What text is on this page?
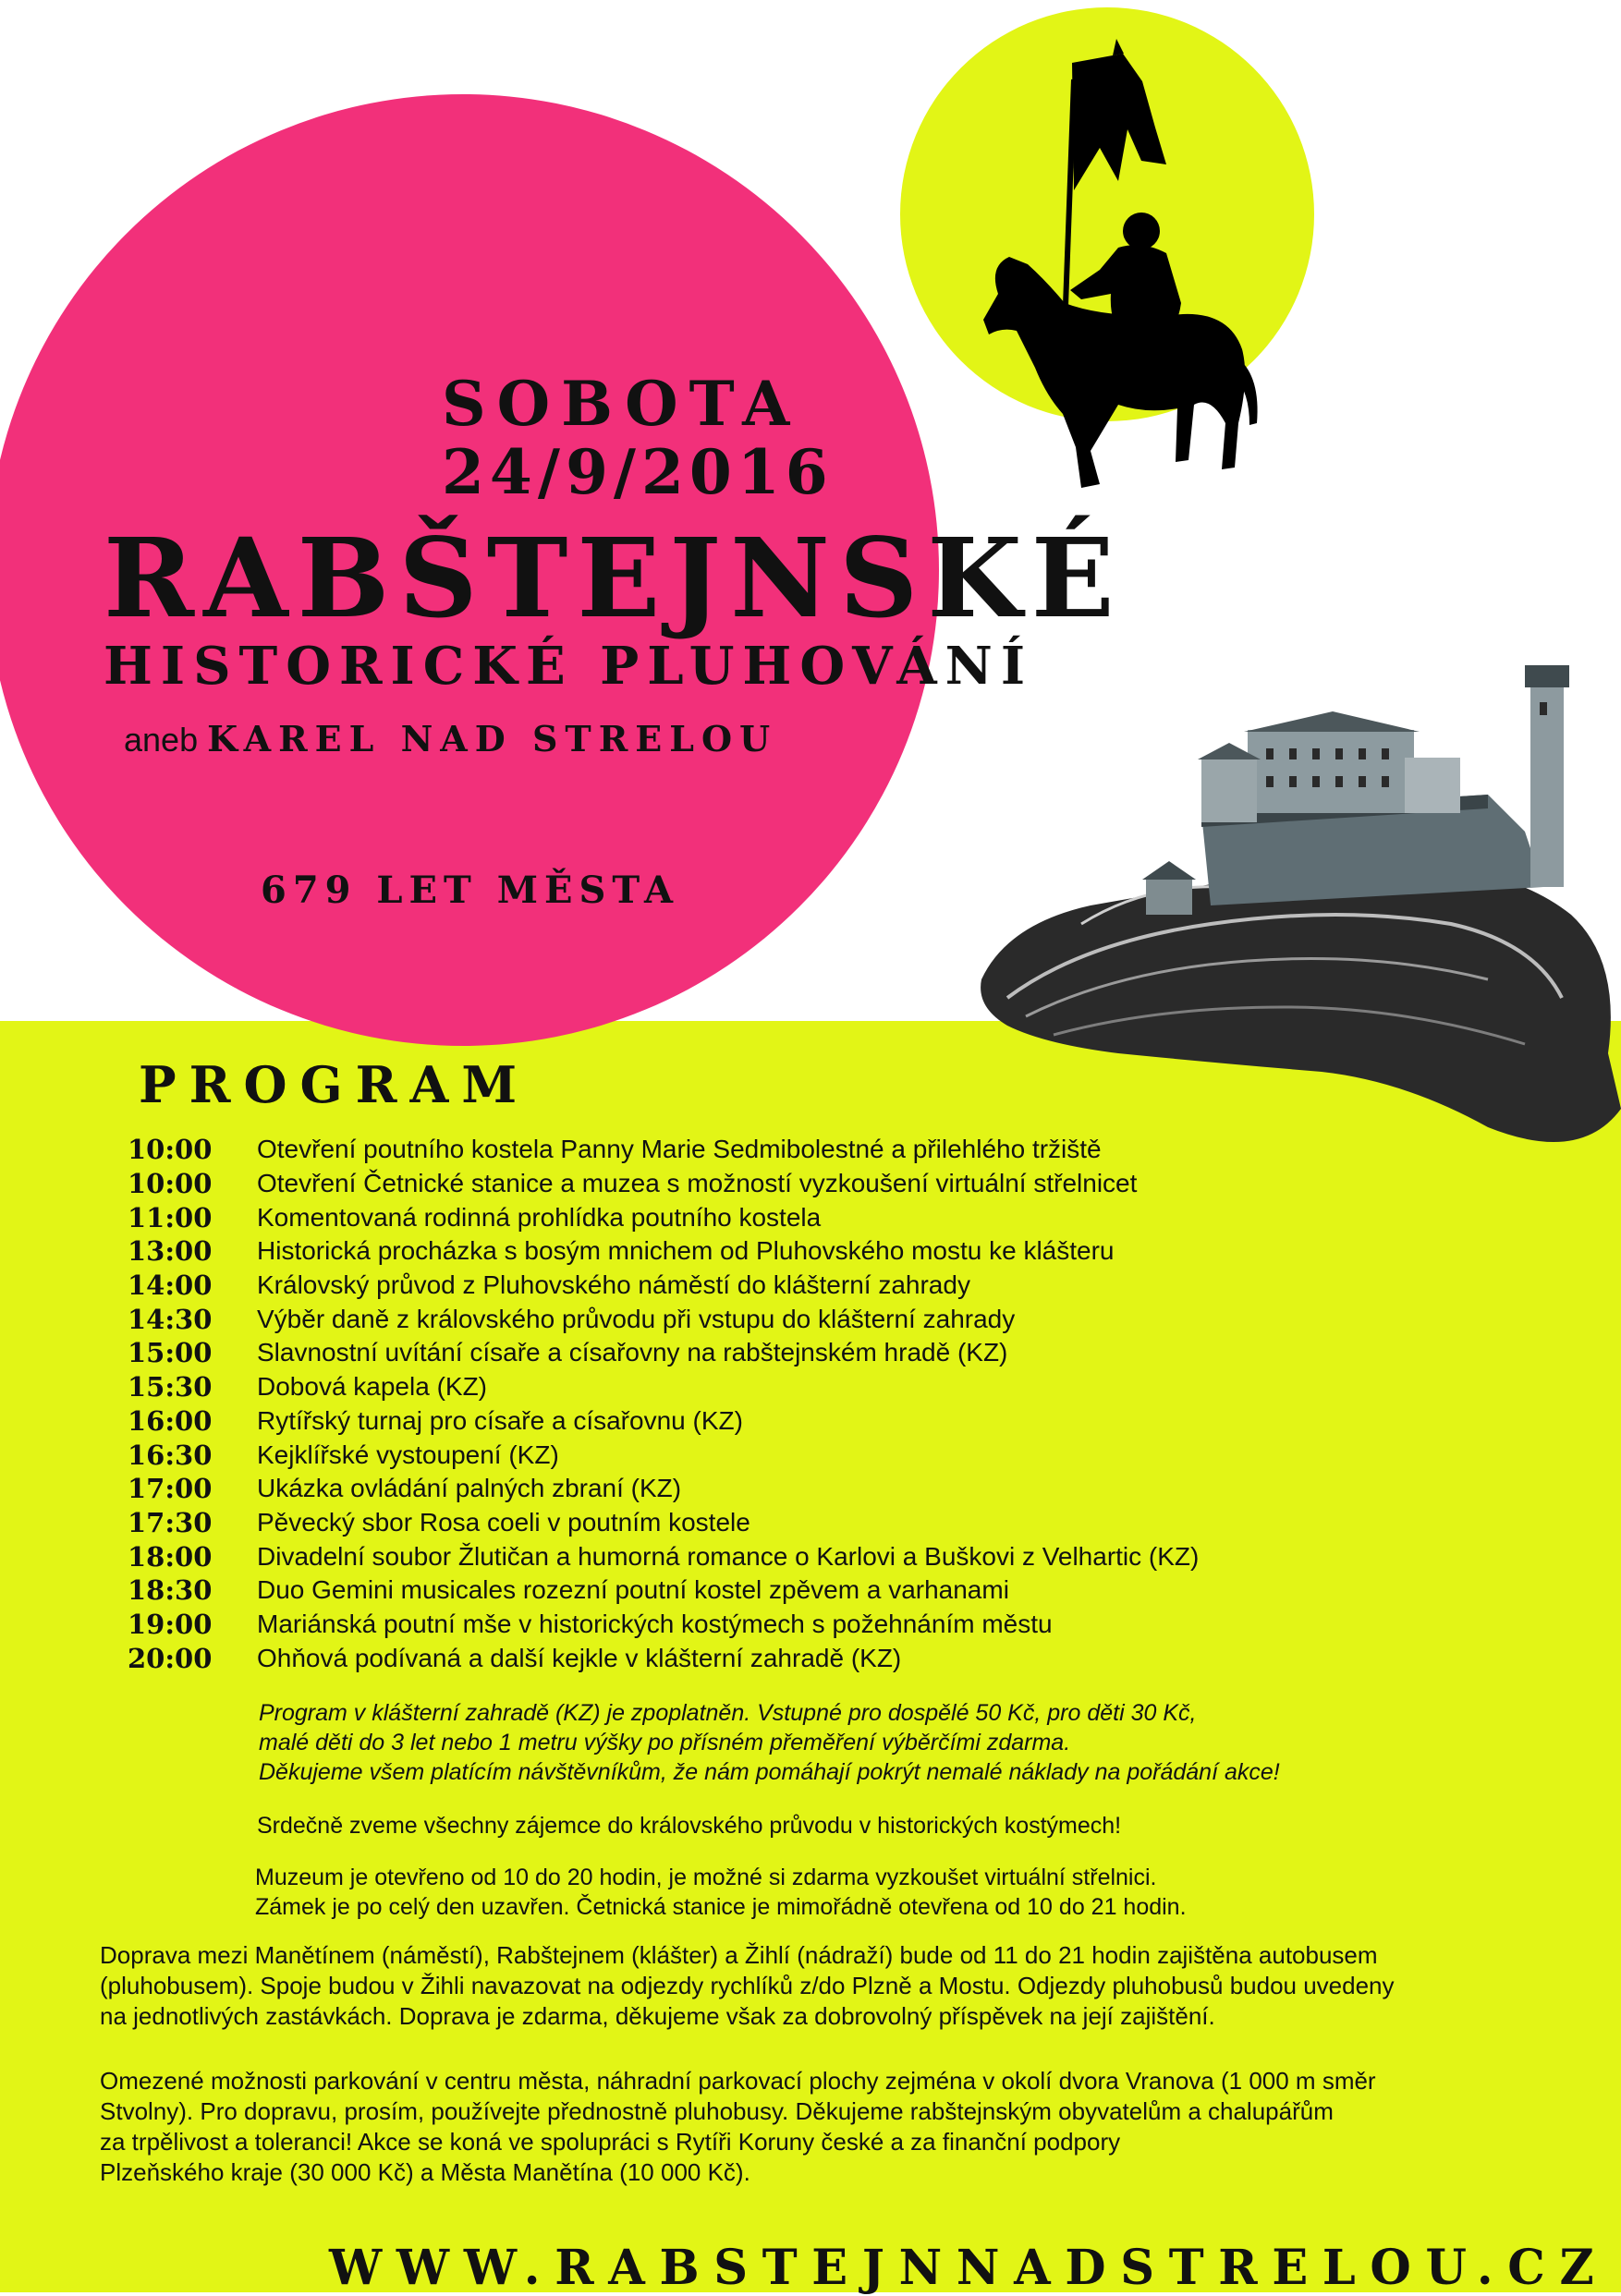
SOBOTA
24/9/2016
RABŠTEJNSKÉ
HISTORICKÉ PLUHOVÁNÍ
aneb KAREL NAD STRELOU
679 LET MĚSTA
PROGRAM
10:00	Otevření poutního kostela Panny Marie Sedmibolestné a přilehlého tržiště
10:00	Otevření Četnické stanice a muzea s možností vyzkoušení virtuální střelnicet
11:00	Komentovaná rodinná prohlídka poutního kostela
13:00	Historická procházka s bosým mnichem od Pluhovského mostu ke klášteru
14:00	Královský průvod z Pluhovského náměstí do klášterní zahrady
14:30	Výběr daně z královského průvodu při vstupu do klášterní zahrady
15:00	Slavnostní uvítání císaře a císařovny na rabštejnském hradě (KZ)
15:30	Dobová kapela (KZ)
16:00	Rytířský turnaj pro císaře a císařovnu (KZ)
16:30	Kejklířské vystoupení (KZ)
17:00	Ukázka ovládání palných zbraní (KZ)
17:30	Pěvecký sbor Rosa coeli v poutním kostele
18:00	Divadelní soubor Žlutičan a humorná romance o Karlovi a Buškovi z Velhartic (KZ)
18:30	Duo Gemini musicales rozezní poutní kostel zpěvem a varhanami
19:00	Mariánská poutní mše v historických kostýmech s požehnáním městu
20:00	Ohňová podívaná a další kejkle v klášterní zahradě (KZ)
Program v klášterní zahradě (KZ) je zpoplatněn. Vstupné pro dospělé 50 Kč, pro děti 30 Kč,
malé děti do 3 let nebo 1 metru výšky po přísném přeměření výběrčími zdarma.
Děkujeme všem platícím návštěvníkům, že nám pomáhají pokrýt nemalé náklady na pořádání akce!
Srdečně zveme všechny zájemce do královského průvodu v historických kostýmech!
Muzeum je otevřeno od 10 do 20 hodin, je možné si zdarma vyzkoušet virtuální střelnici.
Zámek je po celý den uzavřen. Četnická stanice je mimořádně otevřena od 10 do 21 hodin.
Doprava mezi Manětínem (náměstí), Rabštejnem (klášter) a Žihlí (nádraží) bude od 11 do 21 hodin zajištěna autobusem
(pluhobusem). Spoje budou v Žihli navazovat na odjezdy rychlíků z/do Plzně a Mostu. Odjezdy pluhobusů budou uvedeny
na jednotlivých zastávkách. Doprava je zdarma, děkujeme však za dobrovolný příspěvek na její zajištění.
Omezené možnosti parkování v centru města, náhradní parkovací plochy zejména v okolí dvora Vranova (1 000 m směr
Stvolny). Pro dopravu, prosím, používejte přednostně pluhobusy. Děkujeme rabštejnským obyvatelům a chalupářům
za trpělivost a toleranci! Akce se koná ve spolupráci s Rytíři Koruny české a za finanční podpory
Plzeňského kraje (30 000 Kč) a Města Manětína (10 000 Kč).
WWW.RABSTEJNNADSTRELOU.CZ
